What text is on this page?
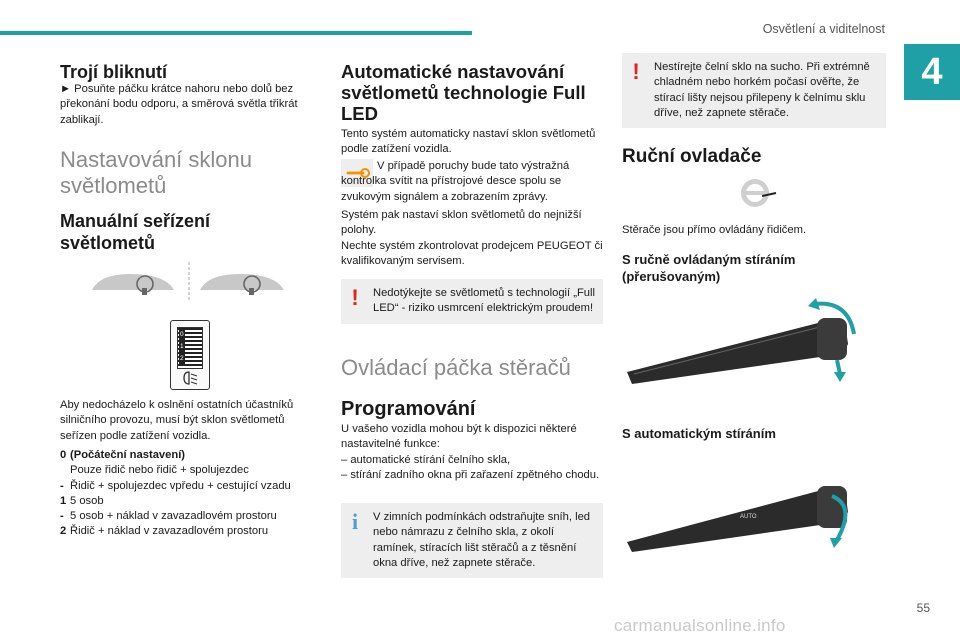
Osvětlení a viditelnost
4
Trojí bliknutí

► Posuňte páčku krátce nahoru nebo dolů bez překonání bodu odporu, a směrová světla třikrát zablikají.

Nastavování sklonu světlometů
Manuální seřízení světlometů
0
1
2

Aby nedocházelo k oslnění ostatních účastníků silničního provozu, musí být sklon světlometů seřízen podle zatížení vozidla.

0 (Počáteční nastavení)
Pouze řidič nebo řidič + spolujezdec
- Řidič + spolujezdec vpředu + cestující vzadu
1 5 osob
- 5 osob + náklad v zavazadlovém prostoru
2 Řidič + náklad v zavazadlovém prostoru
Automatické nastavování světlometů technologie Full LED

Tento systém automaticky nastaví sklon světlometů podle zatížení vozidla.

V případě poruchy bude tato výstražná kontrolka svítit na přístrojové desce spolu se zvukovým signálem a zobrazením zprávy.

Systém pak nastaví sklon světlometů do nejnižší polohy.

Nechte systém zkontrolovat prodejcem PEUGEOT či kvalifikovaným servisem.

!	Nedotýkejte se světlometů s technologií „Full LED“ - riziko usmrcení elektrickým proudem!
Ovládací páčka stěračů
Programování

U vašeho vozidla mohou být k dispozici některé nastavitelné funkce:

– automatické stírání čelního skla,

– stírání zadního okna při zařazení zpětného chodu.

i	V zimních podmínkách odstraňujte sníh, led nebo námrazu z čelního skla, z okolí ramínek, stíracích lišt stěračů a z těsnění okna dříve, než zapnete stěrače.
!	Nestírejte čelní sklo na sucho. Při extrémně chladném nebo horkém počasí ověřte, že stírací lišty nejsou přilepeny k čelnímu sklu dříve, než zapnete stěrače.
Ruční ovladače

Stěrače jsou přímo ovládány řidičem.

S ručně ovládaným stíráním (přerušovaným)
S automatickým stíráním
AUTO
55
carmanualsonline.info
